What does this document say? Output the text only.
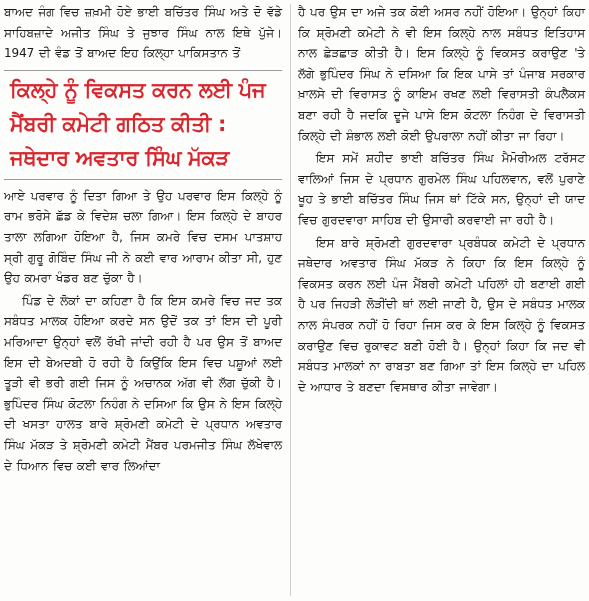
ਬਾਅਦ ਜੰਗ ਵਿਚ ਜ਼ਖ਼ਮੀ ਹੋਏ ਭਾਈ ਬਚਿੱਤਰ ਸਿੰਘ ਅਤੇ ਦੋ ਵੱਡੇ ਸਾਹਿਬਜ਼ਾਦੇ ਅਜੀਤ ਸਿੰਘ ਤੇ ਜੁਝਾਰ ਸਿੰਘ ਨਾਲ ਇਥੇ ਪੁੱਜੇ। 1947 ਦੀ ਵੰਡ ਤੋਂ ਬਾਅਦ ਇਹ ਕਿਲ੍ਹਾ ਪਾਕਿਸਤਾਨ ਤੋਂ

ਕਿਲ੍ਹੇ ਨੂੰ ਵਿਕਸਤ ਕਰਨ ਲਈ ਪੰਜ
ਮੈਂਬਰੀ ਕਮੇਟੀ ਗਠਿਤ ਕੀਤੀ :
ਜਥੇਦਾਰ ਅਵਤਾਰ ਸਿੰਘ ਮੱਕੜ

ਆਏ ਪਰਵਾਰ ਨੂੰ ਦਿਤਾ ਗਿਆ ਤੇ ਉਹ ਪਰਵਾਰ ਇਸ ਕਿਲ੍ਹੇ ਨੂੰ ਰਾਮ ਭਰੋਸੇ ਛੱਡ ਕੇ ਵਿਦੇਸ਼ ਚਲਾ ਗਿਆ। ਇਸ ਕਿਲ੍ਹੇ ਦੇ ਬਾਹਰ ਤਾਲਾ ਲਗਿਆ ਹੋਇਆ ਹੈ, ਜਿਸ ਕਮਰੇ ਵਿਚ ਦਸਮ ਪਾਤਸ਼ਾਹ ਸ੍ਰੀ ਗੁਰੂ ਗੋਬਿੰਦ ਸਿੰਘ ਜੀ ਨੇ ਕਈ ਵਾਰ ਆਰਾਮ ਕੀਤਾ ਸੀ, ਹੁਣ ਉਹ ਕਮਰਾ ਖੰਡਰ ਬਣ ਚੁੱਕਾ ਹੈ।

ਪਿੰਡ ਦੇ ਲੋਕਾਂ ਦਾ ਕਹਿਣਾ ਹੈ ਕਿ ਇਸ ਕਮਰੇ ਵਿਚ ਜਦ ਤਕ ਸਬੰਧਤ ਮਾਲਕ ਹੋਇਆ ਕਰਦੇ ਸਨ ਉਦੋਂ ਤਕ ਤਾਂ ਇਸ ਦੀ ਪੂਰੀ ਮਰਿਆਦਾ ਉਨ੍ਹਾਂ ਵਲੋਂ ਰੱਖੀ ਜਾਂਦੀ ਰਹੀ ਹੈ ਪਰ ਉਸ ਤੋਂ ਬਾਅਦ ਇਸ ਦੀ ਬੇਅਦਬੀ ਹੋ ਰਹੀ ਹੈ ਕਿਉਂਕਿ ਇਸ ਵਿਚ ਪਸ਼ੂਆਂ ਲਈ ਤੂੜੀ ਵੀ ਭਰੀ ਗਈ ਜਿਸ ਨੂੰ ਅਚਾਨਕ ਅੱਗ ਵੀ ਲੱਗ ਚੁੱਕੀ ਹੈ। ਭੁਪਿੰਦਰ ਸਿੰਘ ਕੋਟਲਾ ਨਿਹੰਗ ਨੇ ਦਸਿਆ ਕਿ ਉਸ ਨੇ ਇਸ ਕਿਲ੍ਹੇ ਦੀ ਖਸਤਾ ਹਾਲਤ ਬਾਰੇ ਸ਼੍ਰੋਮਣੀ ਕਮੇਟੀ ਦੇ ਪ੍ਰਧਾਨ ਅਵਤਾਰ ਸਿੰਘ ਮੱਕੜ ਤੇ ਸ਼੍ਰੋਮਣੀ ਕਮੇਟੀ ਮੈਂਬਰ ਪਰਮਜੀਤ ਸਿੰਘ ਲੱਖੇਵਾਲ ਦੇ ਧਿਆਨ ਵਿਚ ਕਈ ਵਾਰ ਲਿਆਂਦਾ

ਹੈ ਪਰ ਉਸ ਦਾ ਅਜੇ ਤਕ ਕੋਈ ਅਸਰ ਨਹੀਂ ਹੋਇਆ। ਉਨ੍ਹਾਂ ਕਿਹਾ ਕਿ ਸ਼੍ਰੋਮਣੀ ਕਮੇਟੀ ਨੇ ਵੀ ਇਸ ਕਿਲ੍ਹੇ ਨਾਲ ਸਬੰਧਤ ਇਤਿਹਾਸ ਨਾਲ ਛੇੜਛਾੜ ਕੀਤੀ ਹੈ। ਇਸ ਕਿਲ੍ਹੇ ਨੂੰ ਵਿਕਸਤ ਕਰਾਉਣ 'ਤੇ ਲੱਗੇ ਭੁਪਿੰਦਰ ਸਿੰਘ ਨੇ ਦਸਿਆ ਕਿ ਇਕ ਪਾਸੇ ਤਾਂ ਪੰਜਾਬ ਸਰਕਾਰ ਖ਼ਾਲਸੇ ਦੀ ਵਿਰਾਸਤ ਨੂੰ ਕਾਇਮ ਰਖਣ ਲਈ ਵਿਰਾਸਤੀ ਕੰਪਲੈਕਸ ਬਣਾ ਰਹੀ ਹੈ ਜਦਕਿ ਦੂਜੇ ਪਾਸੇ ਇਸ ਕੋਟਲਾ ਨਿਹੰਗ ਦੇ ਵਿਰਾਸਤੀ ਕਿਲ੍ਹੇ ਦੀ ਸ਼ੰਭਾਲ ਲਈ ਕੋਈ ਉਪਰਾਲਾ ਨਹੀਂ ਕੀਤਾ ਜਾ ਰਿਹਾ।

ਇਸ ਸਮੇਂ ਸ਼ਹੀਦ ਭਾਈ ਬਚਿੱਤਰ ਸਿੰਘ ਮੈਮੋਰੀਅਲ ਟਰੱਸਟ ਵਾਲਿਆਂ ਜਿਸ ਦੇ ਪ੍ਰਧਾਨ ਗੁਰਮੇਲ ਸਿੰਘ ਪਹਿਲਵਾਨ, ਵਲੋਂ ਪੁਰਾਣੇ ਖੂਹ ਤੇ ਭਾਈ ਬਚਿੱਤਰ ਸਿੰਘ ਜਿਸ ਥਾਂ ਟਿੱਕੇ ਸਨ, ਉਨ੍ਹਾਂ ਦੀ ਯਾਦ ਵਿਚ ਗੁਰਦਵਾਰਾ ਸਾਹਿਬ ਦੀ ਉਸਾਰੀ ਕਰਵਾਈ ਜਾ ਰਹੀ ਹੈ।

ਇਸ ਬਾਰੇ ਸ਼੍ਰੋਮਣੀ ਗੁਰਦਵਾਰਾ ਪ੍ਰਬੰਧਕ ਕਮੇਟੀ ਦੇ ਪ੍ਰਧਾਨ ਜਥੇਦਾਰ ਅਵਤਾਰ ਸਿੰਘ ਮੱਕੜ ਨੇ ਕਿਹਾ ਕਿ ਇਸ ਕਿਲ੍ਹੇ ਨੂੰ ਵਿਕਸਤ ਕਰਨ ਲਈ ਪੰਜ ਮੈਂਬਰੀ ਕਮੇਟੀ ਪਹਿਲਾਂ ਹੀ ਬਣਾਈ ਗਈ ਹੈ ਪਰ ਜਿਹੜੀ ਲੋੜੀਂਦੀ ਥਾਂ ਲਈ ਜਾਣੀ ਹੈ, ਉਸ ਦੇ ਸਬੰਧਤ ਮਾਲਕ ਨਾਲ ਸੰਪਰਕ ਨਹੀਂ ਹੋ ਰਿਹਾ ਜਿਸ ਕਰ ਕੇ ਇਸ ਕਿਲ੍ਹੇ ਨੂੰ ਵਿਕਸਤ ਕਰਾਉਣ ਵਿਚ ਰੁਕਾਵਟ ਬਣੀ ਹੋਈ ਹੈ। ਉਨ੍ਹਾਂ ਕਿਹਾ ਕਿ ਜਦ ਵੀ ਸਬੰਧਤ ਮਾਲਕਾਂ ਨਾ ਰਾਬਤਾ ਬਣ ਗਿਆ ਤਾਂ ਇਸ ਕਿਲ੍ਹੇ ਦਾ ਪਹਿਲ ਦੇ ਆਧਾਰ ਤੇ ਬਣਦਾ ਵਿਸਥਾਰ ਕੀਤਾ ਜਾਵੇਗਾ।
